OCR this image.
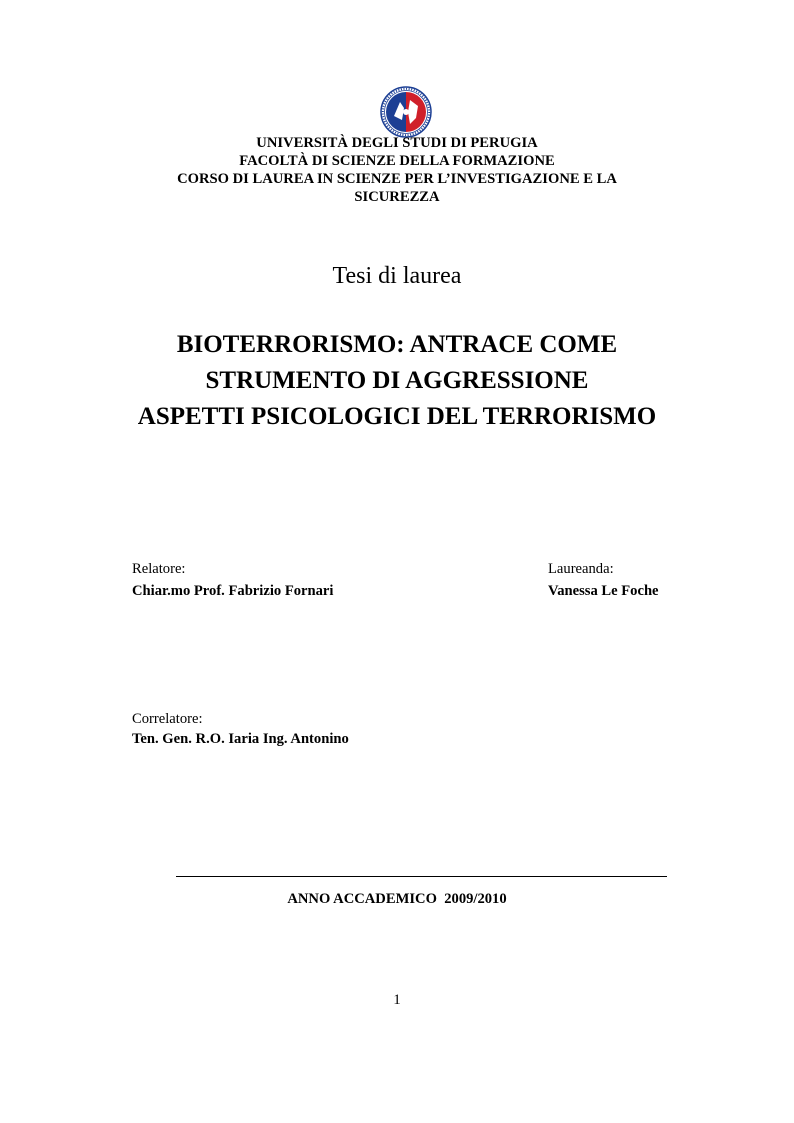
UNIVERSITÀ DEGLI STUDI DI PERUGIA
FACOLTÀ DI SCIENZE DELLA FORMAZIONE
CORSO DI LAUREA IN SCIENZE PER L’INVESTIGAZIONE E LA
SICUREZZA
Tesi di laurea
BIOTERRORISMO: ANTRACE COME
STRUMENTO DI AGGRESSIONE
ASPETTI PSICOLOGICI DEL TERRORISMO
Relatore:
Chiar.mo Prof. Fabrizio Fornari
Laureanda:
Vanessa Le Foche
Correlatore:
Ten. Gen. R.O. Iaria Ing. Antonino
ANNO ACCADEMICO  2009/2010
1
